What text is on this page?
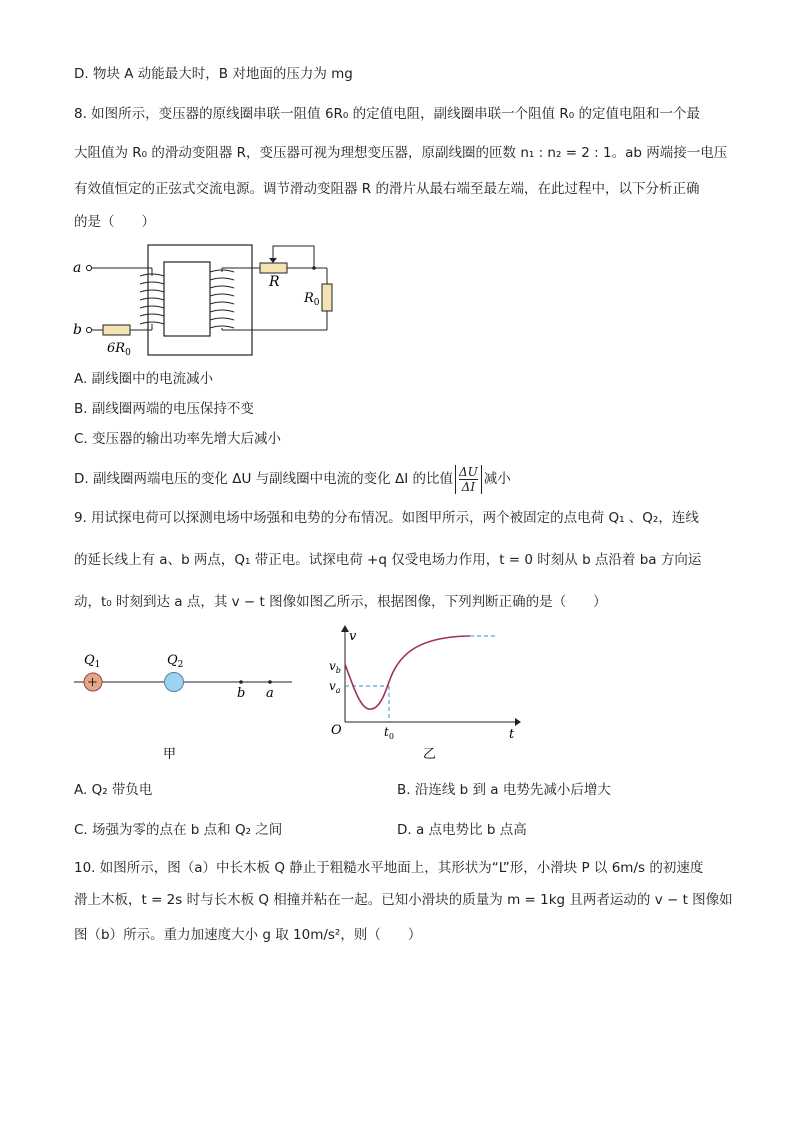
D. 物块 A 动能最大时，B 对地面的压力为 mg
8. 如图所示，变压器的原线圈串联一阻值 6R₀ 的定值电阻，副线圈串联一个阻值 R₀ 的定值电阻和一个最
大阻值为 R₀ 的滑动变阻器 R，变压器可视为理想变压器，原副线圈的匝数 n₁ : n₂ = 2 : 1。ab 两端接一电压
有效值恒定的正弦式交流电源。调节滑动变阻器 R 的滑片从最右端至最左端，在此过程中，以下分析正确
的是（　　）
a
b
R
$R_0$
$6R_0$
A. 副线圈中的电流减小
B. 副线圈两端的电压保持不变
C. 变压器的输出功率先增大后减小
D. 副线圈两端电压的变化 ΔU 与副线圈中电流的变化 ΔI 的比值 $\frac{\Delta U}{\Delta I}$ 减小
9. 用试探电荷可以探测电场中场强和电势的分布情况。如图甲所示，两个被固定的点电荷 Q₁ 、Q₂，连线
的延长线上有 a、b 两点，Q₁ 带正电。试探电荷 +q 仅受电场力作用，t = 0 时刻从 b 点沿着 ba 方向运
动，t₀ 时刻到达 a 点，其 v − t 图像如图乙所示，根据图像，下列判断正确的是（　　）
+
$Q_1$	$Q_2$
b a
甲
v
$v_b$
$v_a$
O	$t_0$	t
乙
A. Q₂ 带负电	B. 沿连线 b 到 a 电势先减小后增大
C. 场强为零的点在 b 点和 Q₂ 之间	D. a 点电势比 b 点高
10. 如图所示，图（a）中长木板 Q 静止于粗糙水平地面上，其形状为“L”形，小滑块 P 以 6m/s 的初速度
滑上木板，t = 2s 时与长木板 Q 相撞并粘在一起。已知小滑块的质量为 m = 1kg 且两者运动的 v − t 图像如
图（b）所示。重力加速度大小 g 取 10m/s²，则（　　）
